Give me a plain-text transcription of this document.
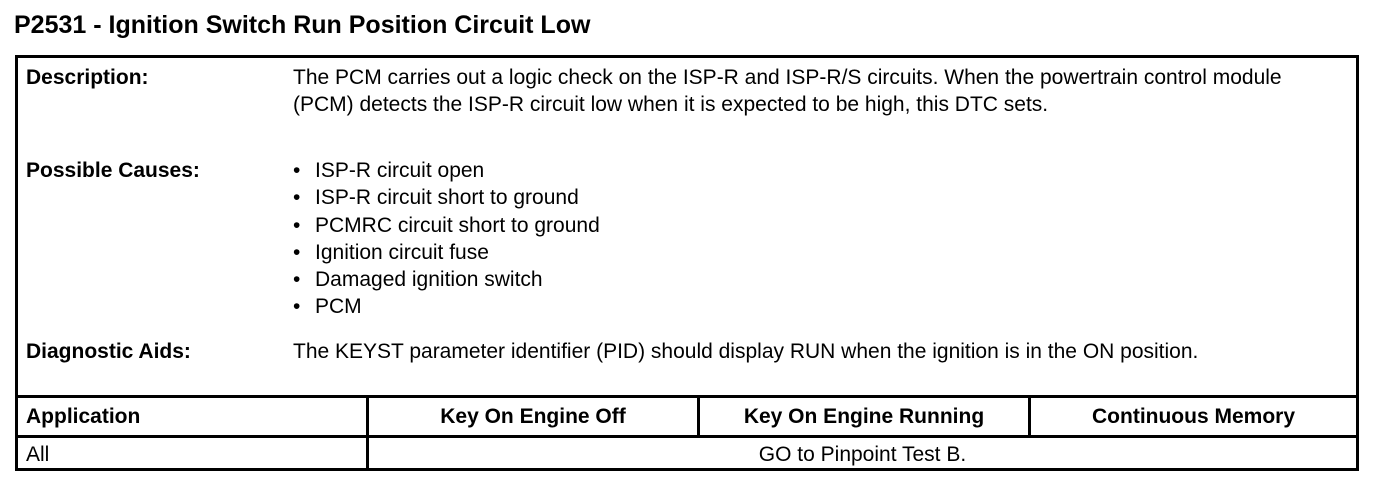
P2531 - Ignition Switch Run Position Circuit Low
Description:	The PCM carries out a logic check on the ISP-R and ISP-R/S circuits. When the powertrain control module (PCM) detects the ISP-R circuit low when it is expected to be high, this DTC sets.
Possible Causes:	• ISP-R circuit open
• ISP-R circuit short to ground
• PCMRC circuit short to ground
• Ignition circuit fuse
• Damaged ignition switch
• PCM
Diagnostic Aids:	The KEYST parameter identifier (PID) should display RUN when the ignition is in the ON position.
Application	Key On Engine Off	Key On Engine Running	Continuous Memory
All	GO to Pinpoint Test B.
